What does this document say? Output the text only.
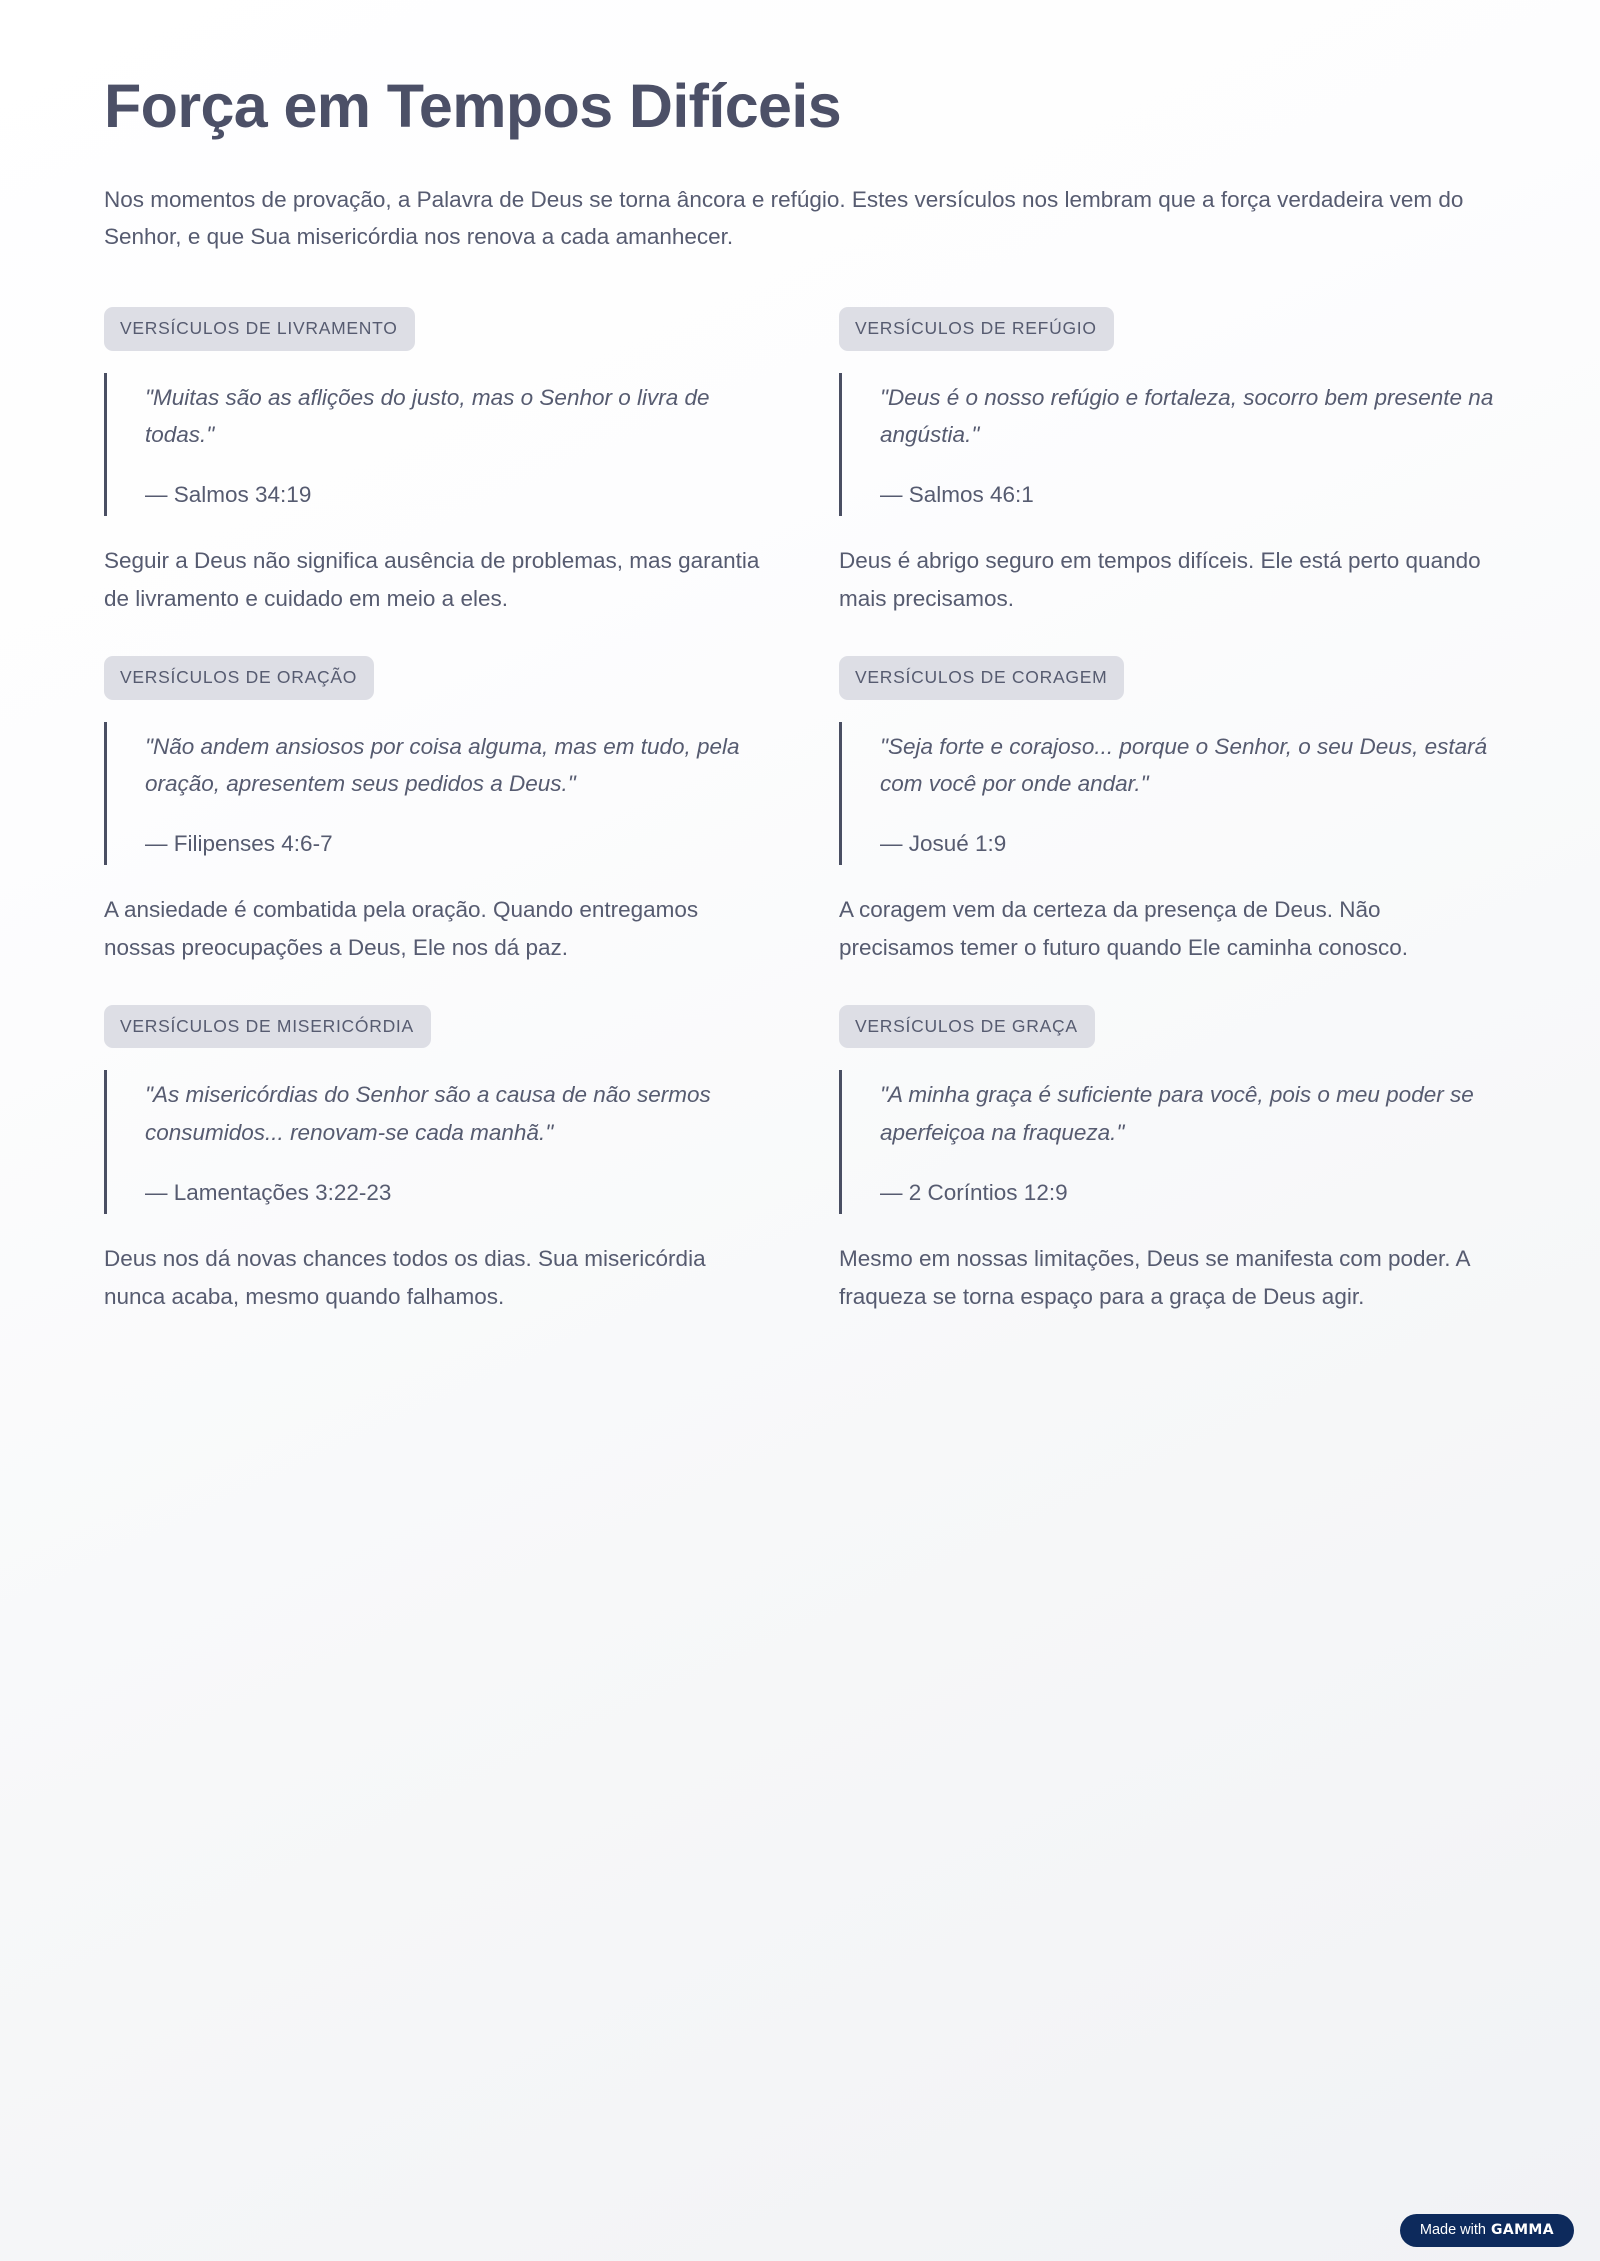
Força em Tempos Difíceis

Nos momentos de provação, a Palavra de Deus se torna âncora e refúgio. Estes versículos nos lembram que a força verdadeira vem do Senhor, e que Sua misericórdia nos renova a cada amanhecer.

VERSÍCULOS DE LIVRAMENTO
"Muitas são as aflições do justo, mas o Senhor o livra de todas."
— Salmos 34:19

Seguir a Deus não significa ausência de problemas, mas garantia de livramento e cuidado em meio a eles.

VERSÍCULOS DE ORAÇÃO
"Não andem ansiosos por coisa alguma, mas em tudo, pela oração, apresentem seus pedidos a Deus."
— Filipenses 4:6-7

A ansiedade é combatida pela oração. Quando entregamos nossas preocupações a Deus, Ele nos dá paz.

VERSÍCULOS DE MISERICÓRDIA
"As misericórdias do Senhor são a causa de não sermos consumidos... renovam-se cada manhã."
— Lamentações 3:22-23

Deus nos dá novas chances todos os dias. Sua misericórdia nunca acaba, mesmo quando falhamos.

VERSÍCULOS DE REFÚGIO
"Deus é o nosso refúgio e fortaleza, socorro bem presente na angústia."
— Salmos 46:1

Deus é abrigo seguro em tempos difíceis. Ele está perto quando mais precisamos.

VERSÍCULOS DE CORAGEM
"Seja forte e corajoso... porque o Senhor, o seu Deus, estará com você por onde andar."
— Josué 1:9

A coragem vem da certeza da presença de Deus. Não precisamos temer o futuro quando Ele caminha conosco.

VERSÍCULOS DE GRAÇA
"A minha graça é suficiente para você, pois o meu poder se aperfeiçoa na fraqueza."
— 2 Coríntios 12:9

Mesmo em nossas limitações, Deus se manifesta com poder. A fraqueza se torna espaço para a graça de Deus agir.

Made with GAMMA
